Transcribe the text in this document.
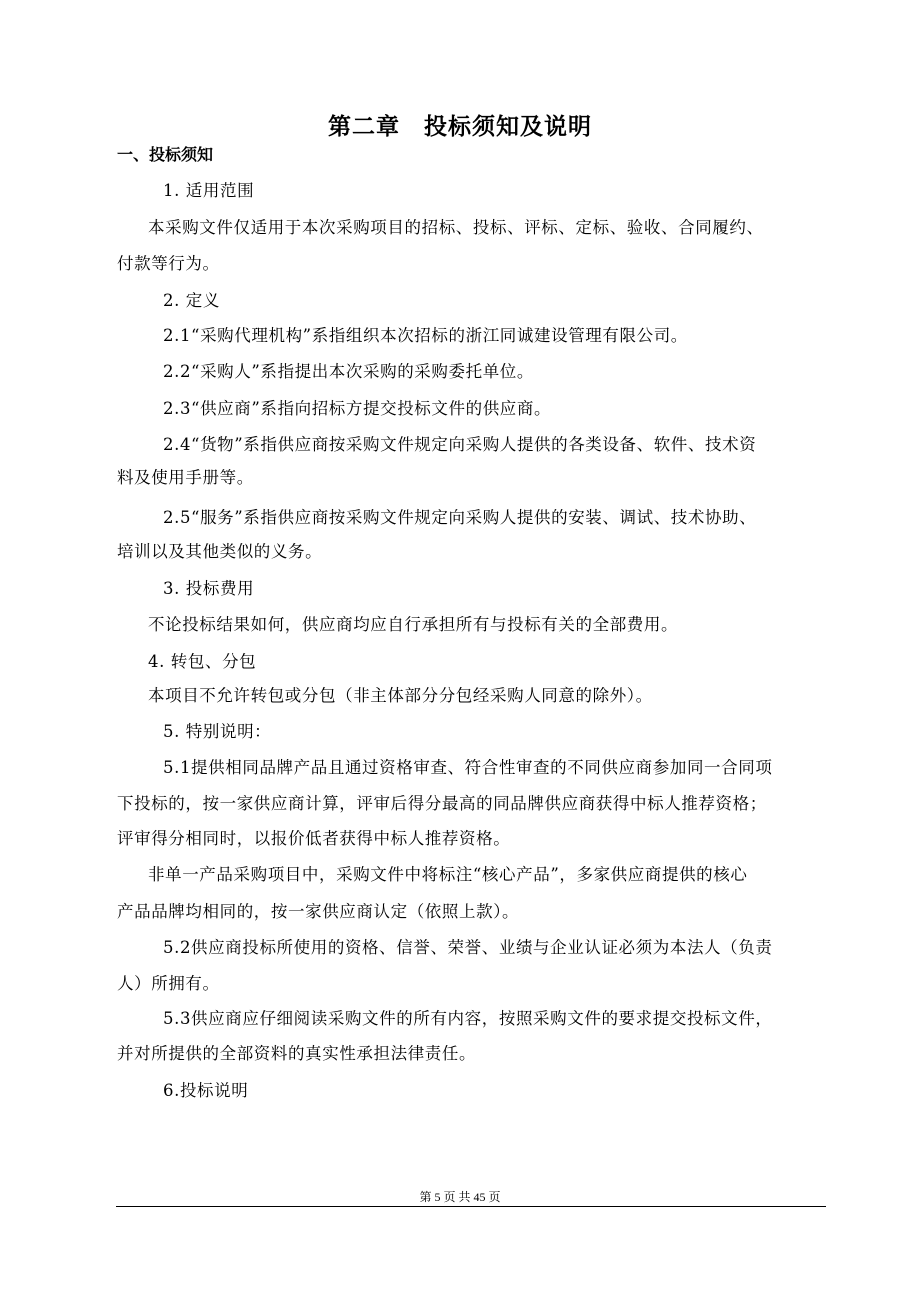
第二章　投标须知及说明
一、投标须知
1. 适用范围
本采购文件仅适用于本次采购项目的招标、投标、评标、定标、验收、合同履约、
付款等行为。
2. 定义
2.1“采购代理机构”系指组织本次招标的浙江同诚建设管理有限公司。
2.2“采购人”系指提出本次采购的采购委托单位。
2.3“供应商”系指向招标方提交投标文件的供应商。
2.4“货物”系指供应商按采购文件规定向采购人提供的各类设备、软件、技术资
料及使用手册等。
2.5“服务”系指供应商按采购文件规定向采购人提供的安装、调试、技术协助、
培训以及其他类似的义务。
3. 投标费用
不论投标结果如何，供应商均应自行承担所有与投标有关的全部费用。
4. 转包、分包
本项目不允许转包或分包（非主体部分分包经采购人同意的除外）。
5. 特别说明：
5.1提供相同品牌产品且通过资格审查、符合性审查的不同供应商参加同一合同项
下投标的，按一家供应商计算，评审后得分最高的同品牌供应商获得中标人推荐资格；
评审得分相同时，以报价低者获得中标人推荐资格。
非单一产品采购项目中，采购文件中将标注“核心产品”，多家供应商提供的核心
产品品牌均相同的，按一家供应商认定（依照上款）。
5.2供应商投标所使用的资格、信誉、荣誉、业绩与企业认证必须为本法人（负责
人）所拥有。
5.3供应商应仔细阅读采购文件的所有内容，按照采购文件的要求提交投标文件，
并对所提供的全部资料的真实性承担法律责任。
6.投标说明
第 5 页 共 45 页
